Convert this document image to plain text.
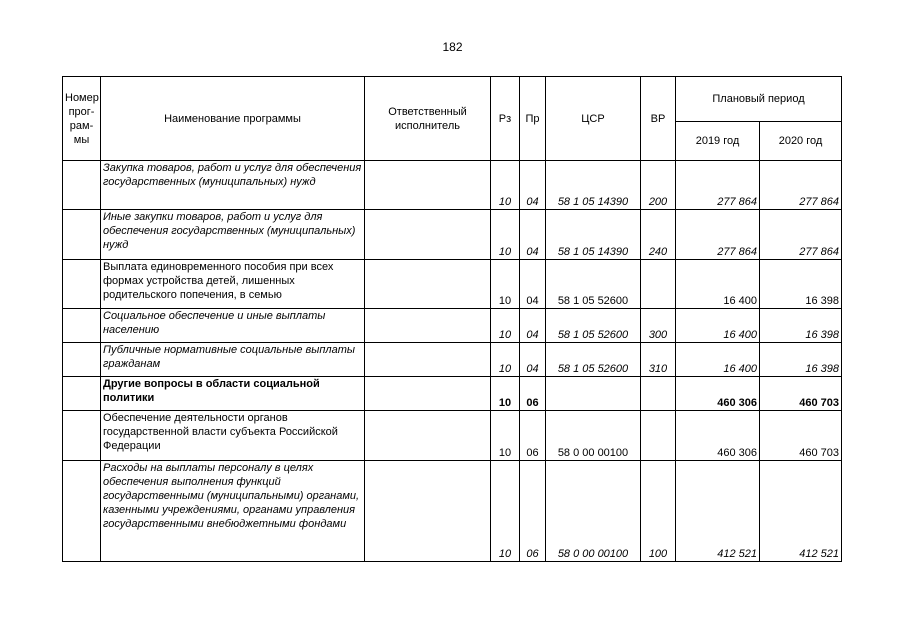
182
Номер прог-рам-мы	Наименование программы	Ответственный исполнитель	Рз	Пр	ЦСР	ВР	Плановый период	
							2019 год	2020 год
	Закупка товаров, работ и услуг для обеспечения государственных (муниципальных) нужд		10	04	58 1 05 14390	200	277 864	277 864
	Иные закупки товаров, работ и услуг для обеспечения государственных (муниципальных) нужд		10	04	58 1 05 14390	240	277 864	277 864
	Выплата единовременного пособия при всех формах устройства детей, лишенных родительского попечения, в семью		10	04	58 1 05 52600		16 400	16 398
	Социальное обеспечение и иные выплаты населению		10	04	58 1 05 52600	300	16 400	16 398
	Публичные нормативные социальные выплаты гражданам		10	04	58 1 05 52600	310	16 400	16 398
	Другие вопросы в области социальной политики		10	06			460 306	460 703
	Обеспечение деятельности органов государственной власти субъекта Российской Федерации		10	06	58 0 00 00100		460 306	460 703
	Расходы на выплаты персоналу в целях обеспечения выполнения функций государственными (муниципальными) органами, казенными учреждениями, органами управления государственными внебюджетными фондами		10	06	58 0 00 00100	100	412 521	412 521
